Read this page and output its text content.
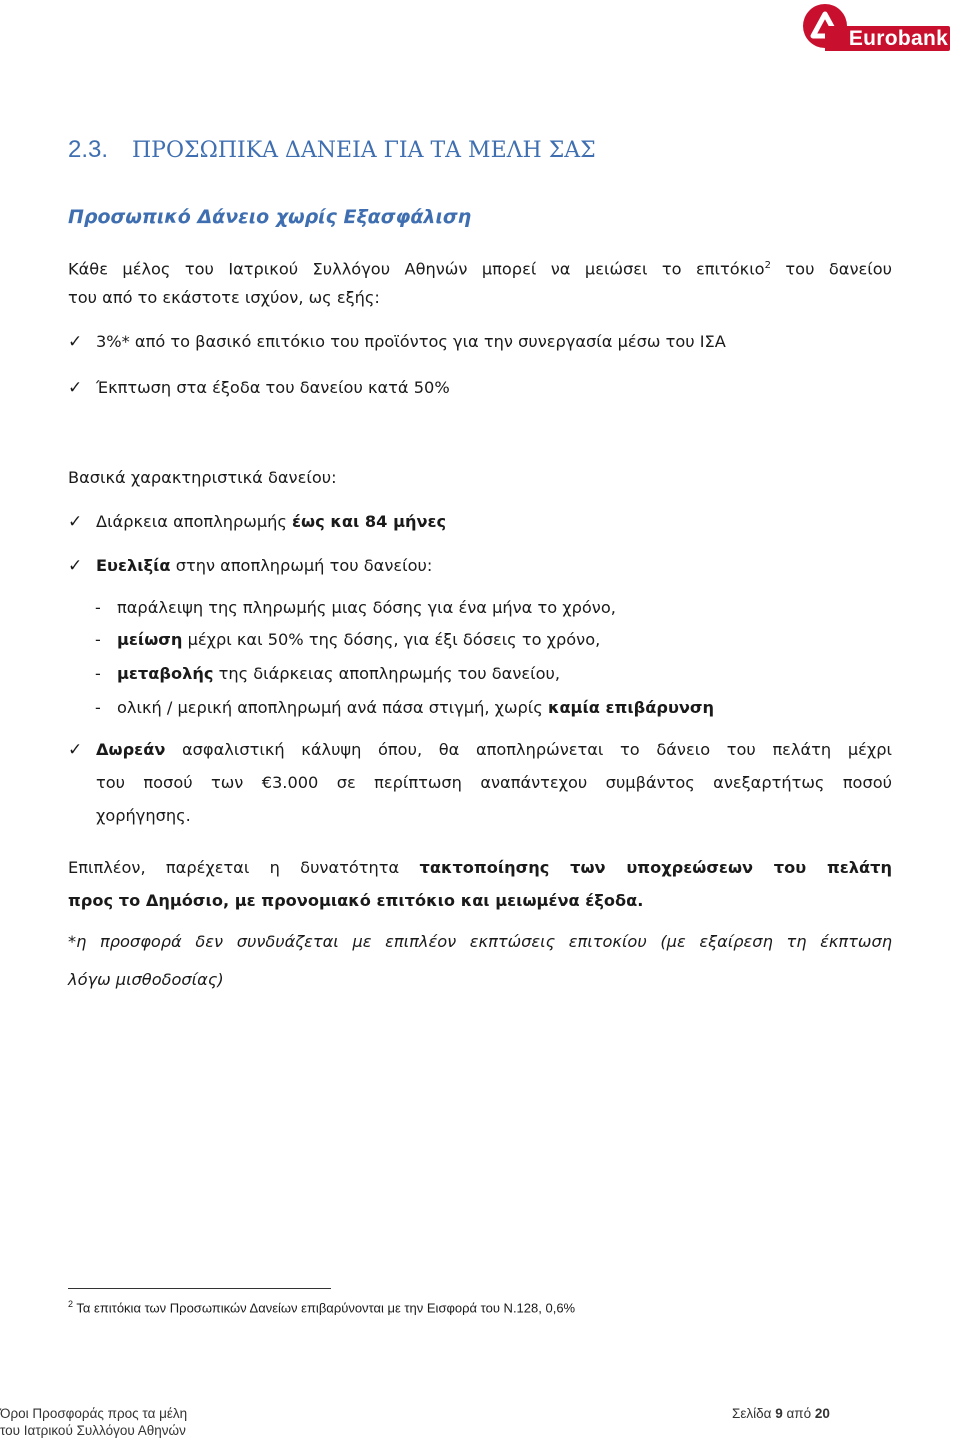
Eurobank
2.3. ΠΡΟΣΩΠΙΚΑ ΔΑΝΕΙΑ ΓΙΑ ΤΑ ΜΕΛΗ ΣΑΣ
Προσωπικό Δάνειο χωρίς Εξασφάλιση
Κάθε μέλος του Ιατρικού Συλλόγου Αθηνών μπορεί να μειώσει το επιτόκιο$^2$ του δανείου
του από το εκάστοτε ισχύον, ως εξής:
✓ 3%* από το βασικό επιτόκιο του προϊόντος για την συνεργασία μέσω του ΙΣΑ
✓ Έκπτωση στα έξοδα του δανείου κατά 50%
Βασικά χαρακτηριστικά δανείου:
✓ Διάρκεια αποπληρωμής έως και 84 μήνες
✓ Ευελιξία στην αποπληρωμή του δανείου:
- παράλειψη της πληρωμής μιας δόσης για ένα μήνα το χρόνο,
- μείωση μέχρι και 50% της δόσης, για έξι δόσεις το χρόνο,
- μεταβολής της διάρκειας αποπληρωμής του δανείου,
- ολική / μερική αποπληρωμή ανά πάσα στιγμή, χωρίς καμία επιβάρυνση
✓ Δωρεάν ασφαλιστική κάλυψη όπου, θα αποπληρώνεται το δάνειο του πελάτη μέχρι
του ποσού των €3.000 σε περίπτωση αναπάντεχου συμβάντος ανεξαρτήτως ποσού
χορήγησης.
Επιπλέον, παρέχεται η δυνατότητα τακτοποίησης των υποχρεώσεων του πελάτη
προς το Δημόσιο, με προνομιακό επιτόκιο και μειωμένα έξοδα.
*η προσφορά δεν συνδυάζεται με επιπλέον εκπτώσεις επιτοκίου (με εξαίρεση τη έκπτωση
λόγω μισθοδοσίας)
$^2$ Τα επιτόκια των Προσωπικών Δανείων επιβαρύνονται με την Εισφορά του Ν.128, 0,6%
Όροι Προσφοράς προς τα μέλη
του Ιατρικού Συλλόγου Αθηνών
Σελίδα 9 από 20
